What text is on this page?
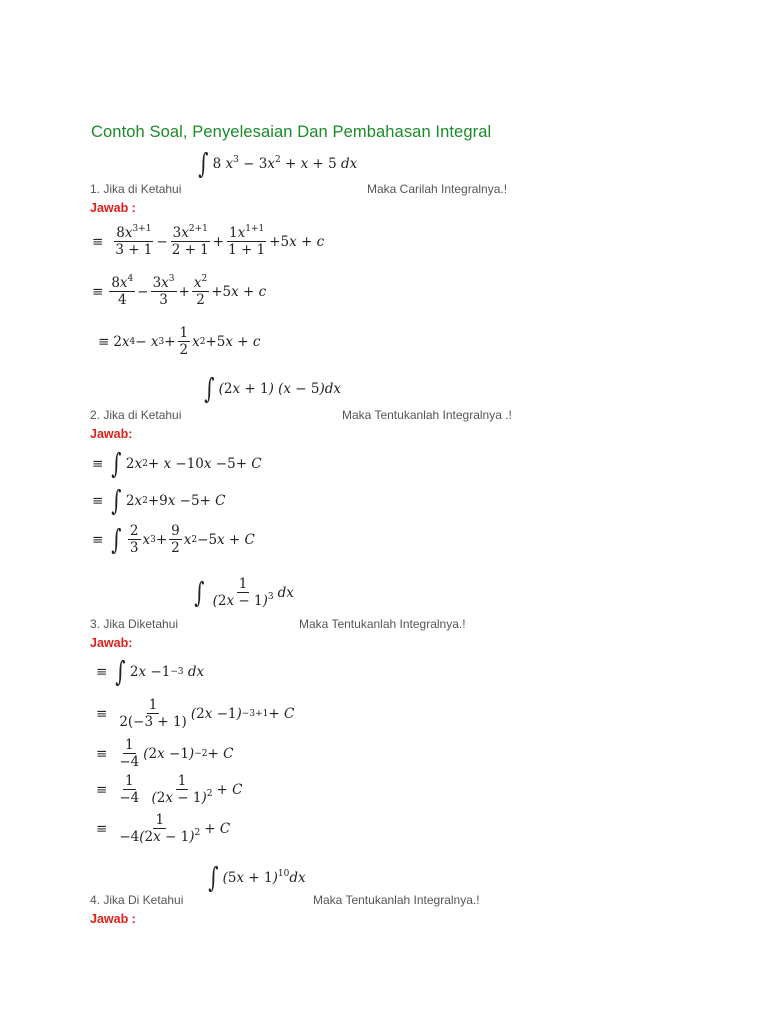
Contoh Soal, Penyelesaian Dan Pembahasan Integral
∫ 8 $x^3 - 3x^2 + x + 5$ dx
1. Jika di Ketahui	Maka Carilah Integralnya.!
Jawab :
≡ $\frac{8x^{3+1}}{3 + 1} - \frac{3x^{2+1}}{2 + 1} + \frac{1x^{1+1}}{1 + 1} + 5$ x + c
≡ $\frac{8x^4}{4} - \frac{3x^3}{3} + \frac{x^2}{2} + 5$ x + c
≡ 2 x 4 − x $3 + \frac{1}{2}$ x 2 + 5 x + c
∫ (2x + 1) (x − 5)dx
2. Jika di Ketahui	Maka Tentukanlah Integralnya .!
Jawab:
≡ ∫ 2 x 2 + x − 10 x − 5 + C
≡ ∫ 2 x 2 + 9 x − 5 + C
≡ ∫ $\frac{2}{3}$ x $3 + \frac{9}{2}$ x 2 − 5 x + C
∫ $\frac{1}{(2x - 1)^3}$ dx
3. Jika Diketahui	Maka Tentukanlah Integralnya.!
Jawab:
≡ ∫ 2 x − 1 −3 dx
≡ $\frac{1}{2(-3 + 1)}$ ( 2 x − 1 ) −3+1 + C
≡ $\frac{1}{-4}$ ( 2 x − 1 ) −2 + C
≡ $\frac{1}{-4}$
$\frac{1}{(2x - 1)^2} + C$
≡ $\frac{1}{-4(2x - 1)^2} + C$
∫ $(5x + 1)^{10}dx$
4. Jika Di Ketahui	Maka Tentukanlah Integralnya.!
Jawab :
